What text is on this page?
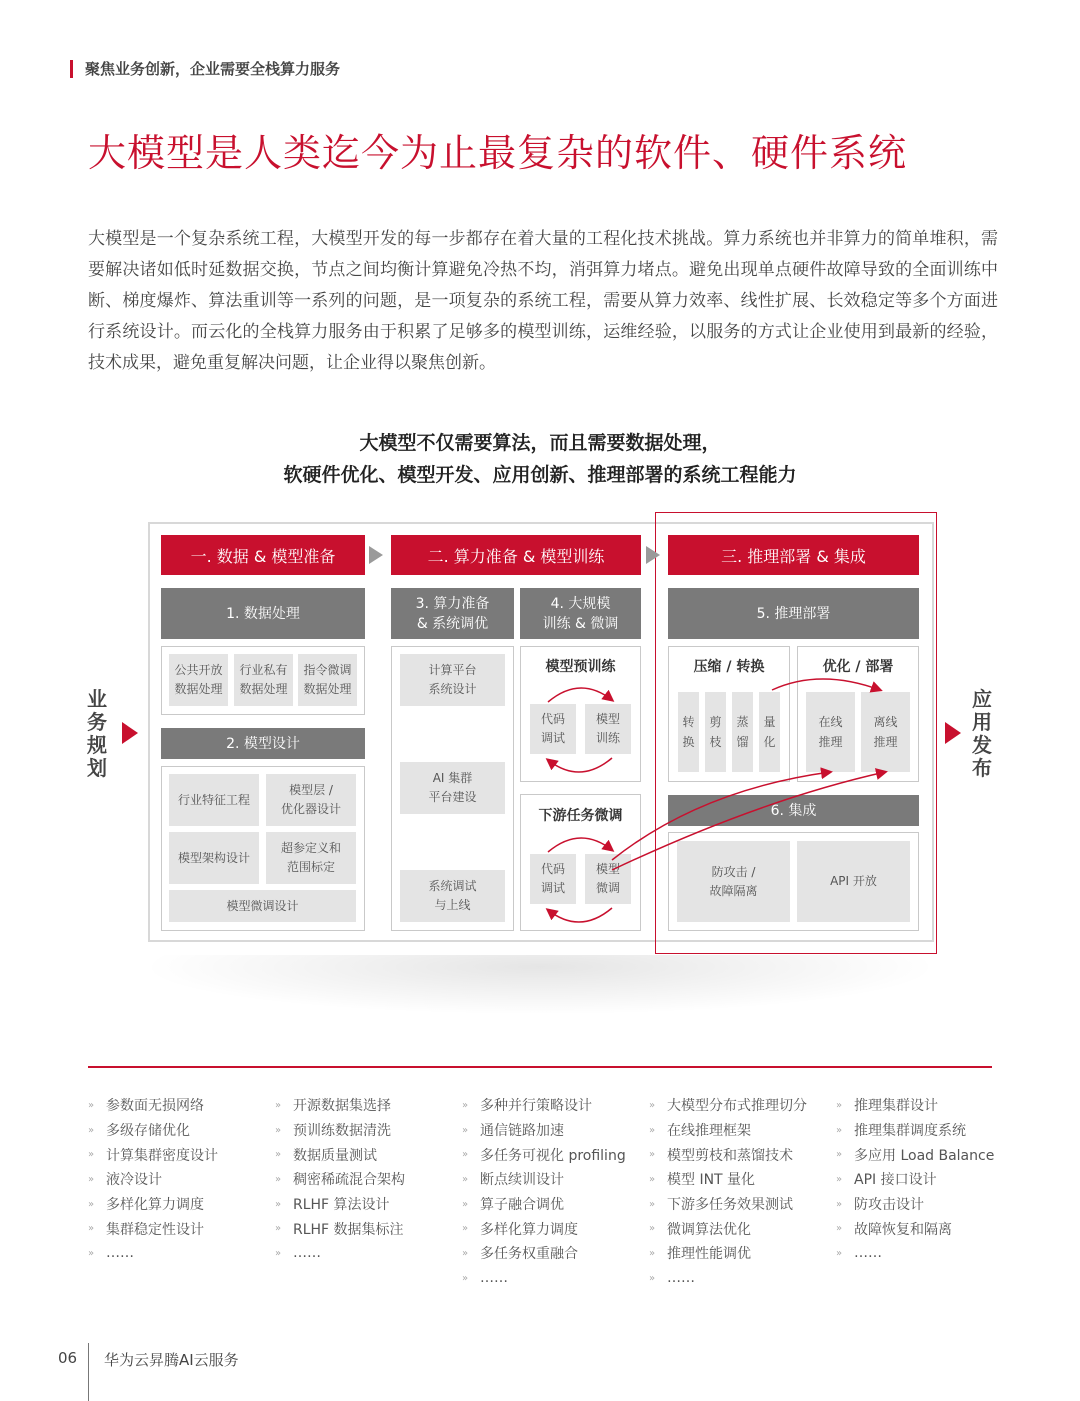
聚焦业务创新，企业需要全栈算力服务
大模型是人类迄今为止最复杂的软件、硬件系统
大模型是一个复杂系统工程，大模型开发的每一步都存在着大量的工程化技术挑战。算力系统也并非算力的简单堆积，需要解决诸如低时延数据交换，节点之间均衡计算避免冷热不均，消弭算力堵点。避免出现单点硬件故障导致的全面训练中断、梯度爆炸、算法重训等一系列的问题，是一项复杂的系统工程，需要从算力效率、线性扩展、长效稳定等多个方面进行系统设计。而云化的全栈算力服务由于积累了足够多的模型训练，运维经验，以服务的方式让企业使用到最新的经验，技术成果，避免重复解决问题，让企业得以聚焦创新。
大模型不仅需要算法，而且需要数据处理，
软硬件优化、模型开发、应用创新、推理部署的系统工程能力
业务规划
应用发布
一. 数据 & 模型准备	二. 算力准备 & 模型训练	三. 推理部署 & 集成
1. 数据处理
公共开放
数据处理
行业私有
数据处理
指令微调
数据处理
2. 模型设计
行业特征工程
模型层 /
优化器设计
模型架构设计
超参定义和
范围标定
模型微调设计
3. 算力准备
& 系统调优
4. 大规模
训练 & 微调
计算平台
系统设计
AI 集群
平台建设
系统调试
与上线
模型预训练
代码
调试
模型
训练
下游任务微调
代码
调试
模型
微调
5. 推理部署
压缩 / 转换
转
换
剪
枝
蒸
馏
量
化
优化 / 部署
在线
推理
离线
推理
6. 集成
防攻击 /
故障隔离
API 开放
» 参数面无损网络
» 多级存储优化
» 计算集群密度设计
» 液冷设计
» 多样化算力调度
» 集群稳定性设计
» ……
» 开源数据集选择
» 预训练数据清洗
» 数据质量测试
» 稠密稀疏混合架构
» RLHF 算法设计
» RLHF 数据集标注
» ……
» 多种并行策略设计
» 通信链路加速
» 多任务可视化 profiling
» 断点续训设计
» 算子融合调优
» 多样化算力调度
» 多任务权重融合
» ……
» 大模型分布式推理切分
» 在线推理框架
» 模型剪枝和蒸馏技术
» 模型 INT 量化
» 下游多任务效果测试
» 微调算法优化
» 推理性能调优
» ……
» 推理集群设计
» 推理集群调度系统
» 多应用 Load Balance
» API 接口设计
» 防攻击设计
» 故障恢复和隔离
» ……
06 华为云昇腾AI云服务
